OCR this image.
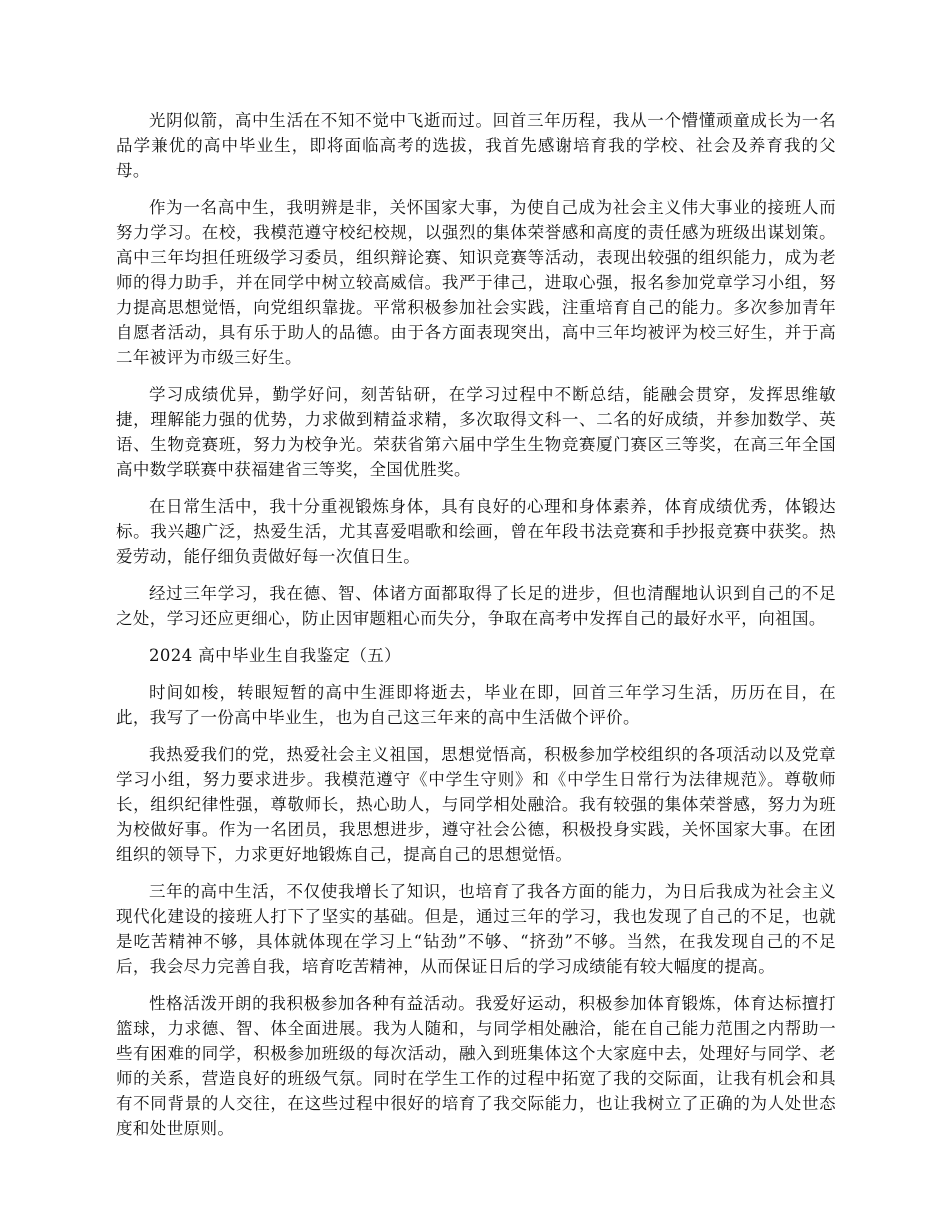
光阴似箭，高中生活在不知不觉中飞逝而过。回首三年历程，我从一个懵懂顽童成长为一名品学兼优的高中毕业生，即将面临高考的选拔，我首先感谢培育我的学校、社会及养育我的父母。

作为一名高中生，我明辨是非，关怀国家大事，为使自己成为社会主义伟大事业的接班人而努力学习。在校，我模范遵守校纪校规，以强烈的集体荣誉感和高度的责任感为班级出谋划策。高中三年均担任班级学习委员，组织辩论赛、知识竞赛等活动，表现出较强的组织能力，成为老师的得力助手，并在同学中树立较高威信。我严于律己，进取心强，报名参加党章学习小组，努力提高思想觉悟，向党组织靠拢。平常积极参加社会实践，注重培育自己的能力。多次参加青年自愿者活动，具有乐于助人的品德。由于各方面表现突出，高中三年均被评为校三好生，并于高二年被评为市级三好生。

学习成绩优异，勤学好问，刻苦钻研，在学习过程中不断总结，能融会贯穿，发挥思维敏捷，理解能力强的优势，力求做到精益求精，多次取得文科一、二名的好成绩，并参加数学、英语、生物竞赛班，努力为校争光。荣获省第六届中学生生物竞赛厦门赛区三等奖，在高三年全国高中数学联赛中获福建省三等奖，全国优胜奖。

在日常生活中，我十分重视锻炼身体，具有良好的心理和身体素养，体育成绩优秀，体锻达标。我兴趣广泛，热爱生活，尤其喜爱唱歌和绘画，曾在年段书法竞赛和手抄报竞赛中获奖。热爱劳动，能仔细负责做好每一次值日生。

经过三年学习，我在德、智、体诸方面都取得了长足的进步，但也清醒地认识到自己的不足之处，学习还应更细心，防止因审题粗心而失分，争取在高考中发挥自己的最好水平，向祖国。

2024 高中毕业生自我鉴定（五）

时间如梭，转眼短暂的高中生涯即将逝去，毕业在即，回首三年学习生活，历历在目，在此，我写了一份高中毕业生，也为自己这三年来的高中生活做个评价。

我热爱我们的党，热爱社会主义祖国，思想觉悟高，积极参加学校组织的各项活动以及党章学习小组，努力要求进步。我模范遵守《中学生守则》和《中学生日常行为法律规范》。尊敬师长，组织纪律性强，尊敬师长，热心助人，与同学相处融洽。我有较强的集体荣誉感，努力为班为校做好事。作为一名团员，我思想进步，遵守社会公德，积极投身实践，关怀国家大事。在团组织的领导下，力求更好地锻炼自己，提高自己的思想觉悟。

三年的高中生活，不仅使我增长了知识，也培育了我各方面的能力，为日后我成为社会主义现代化建设的接班人打下了坚实的基础。但是，通过三年的学习，我也发现了自己的不足，也就是吃苦精神不够，具体就体现在学习上“钻劲”不够、“挤劲”不够。当然，在我发现自己的不足后，我会尽力完善自我，培育吃苦精神，从而保证日后的学习成绩能有较大幅度的提高。

性格活泼开朗的我积极参加各种有益活动。我爱好运动，积极参加体育锻炼，体育达标擅打篮球，力求德、智、体全面进展。我为人随和，与同学相处融洽，能在自己能力范围之内帮助一些有困难的同学，积极参加班级的每次活动，融入到班集体这个大家庭中去，处理好与同学、老师的关系，营造良好的班级气氛。同时在学生工作的过程中拓宽了我的交际面，让我有机会和具有不同背景的人交往，在这些过程中很好的培育了我交际能力，也让我树立了正确的为人处世态度和处世原则。
